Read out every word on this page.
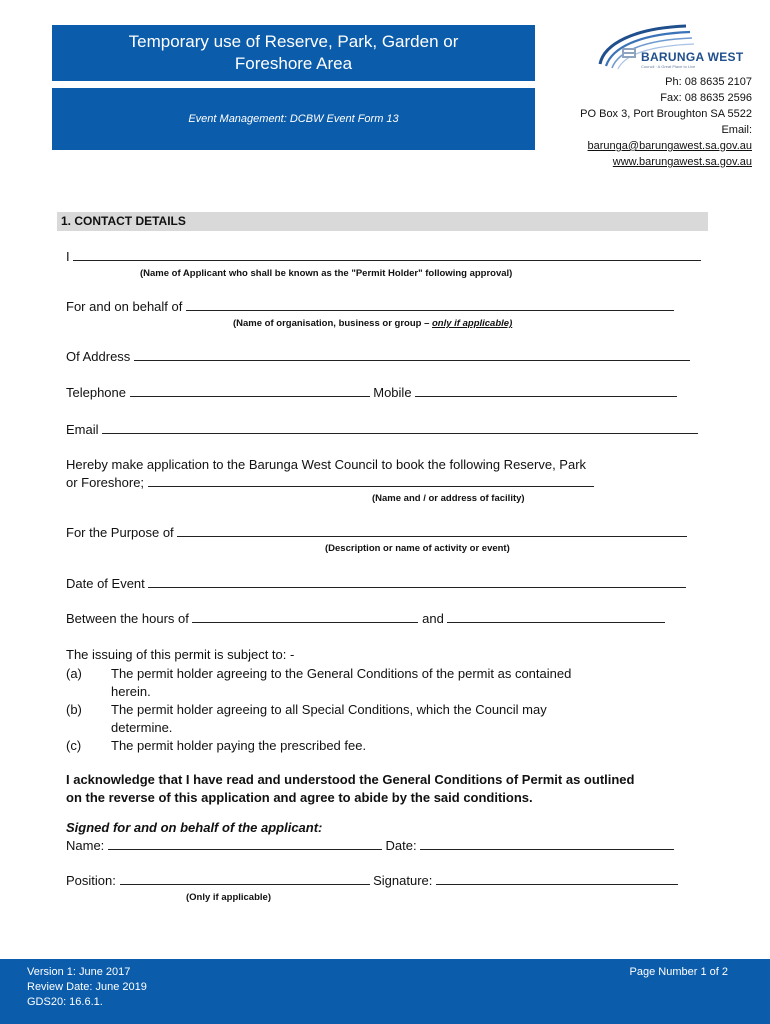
Temporary use of Reserve, Park, Garden or
Foreshore Area
Event Management: DCBW Event Form 13
BARUNGA WEST
Council · A Great Place to Live
Ph: 08 8635 2107
Fax: 08 8635 2596
PO Box 3, Port Broughton SA 5522
Email:
barunga@barungawest.sa.gov.au
www.barungawest.sa.gov.au
1. CONTACT DETAILS
I
(Name of Applicant who shall be known as the "Permit Holder" following approval)
For and on behalf of
(Name of organisation, business or group – only if applicable)
Of Address
Telephone	Mobile
Email
Hereby make application to the Barunga West Council to book the following Reserve, Park
or Foreshore;
(Name and / or address of facility)
For the Purpose of
(Description or name of activity or event)
Date of Event
Between the hours of	and
The issuing of this permit is subject to: -
(a) The permit holder agreeing to the General Conditions of the permit as contained
herein.
(b) The permit holder agreeing to all Special Conditions, which the Council may
determine.
(c) The permit holder paying the prescribed fee.
I acknowledge that I have read and understood the General Conditions of Permit as outlined
on the reverse of this application and agree to abide by the said conditions.
Signed for and on behalf of the applicant:
Name:	Date:
Position:	Signature:
(Only if applicable)
Version 1: June 2017
Review Date: June 2019
GDS20: 16.6.1.
Page Number 1 of 2
